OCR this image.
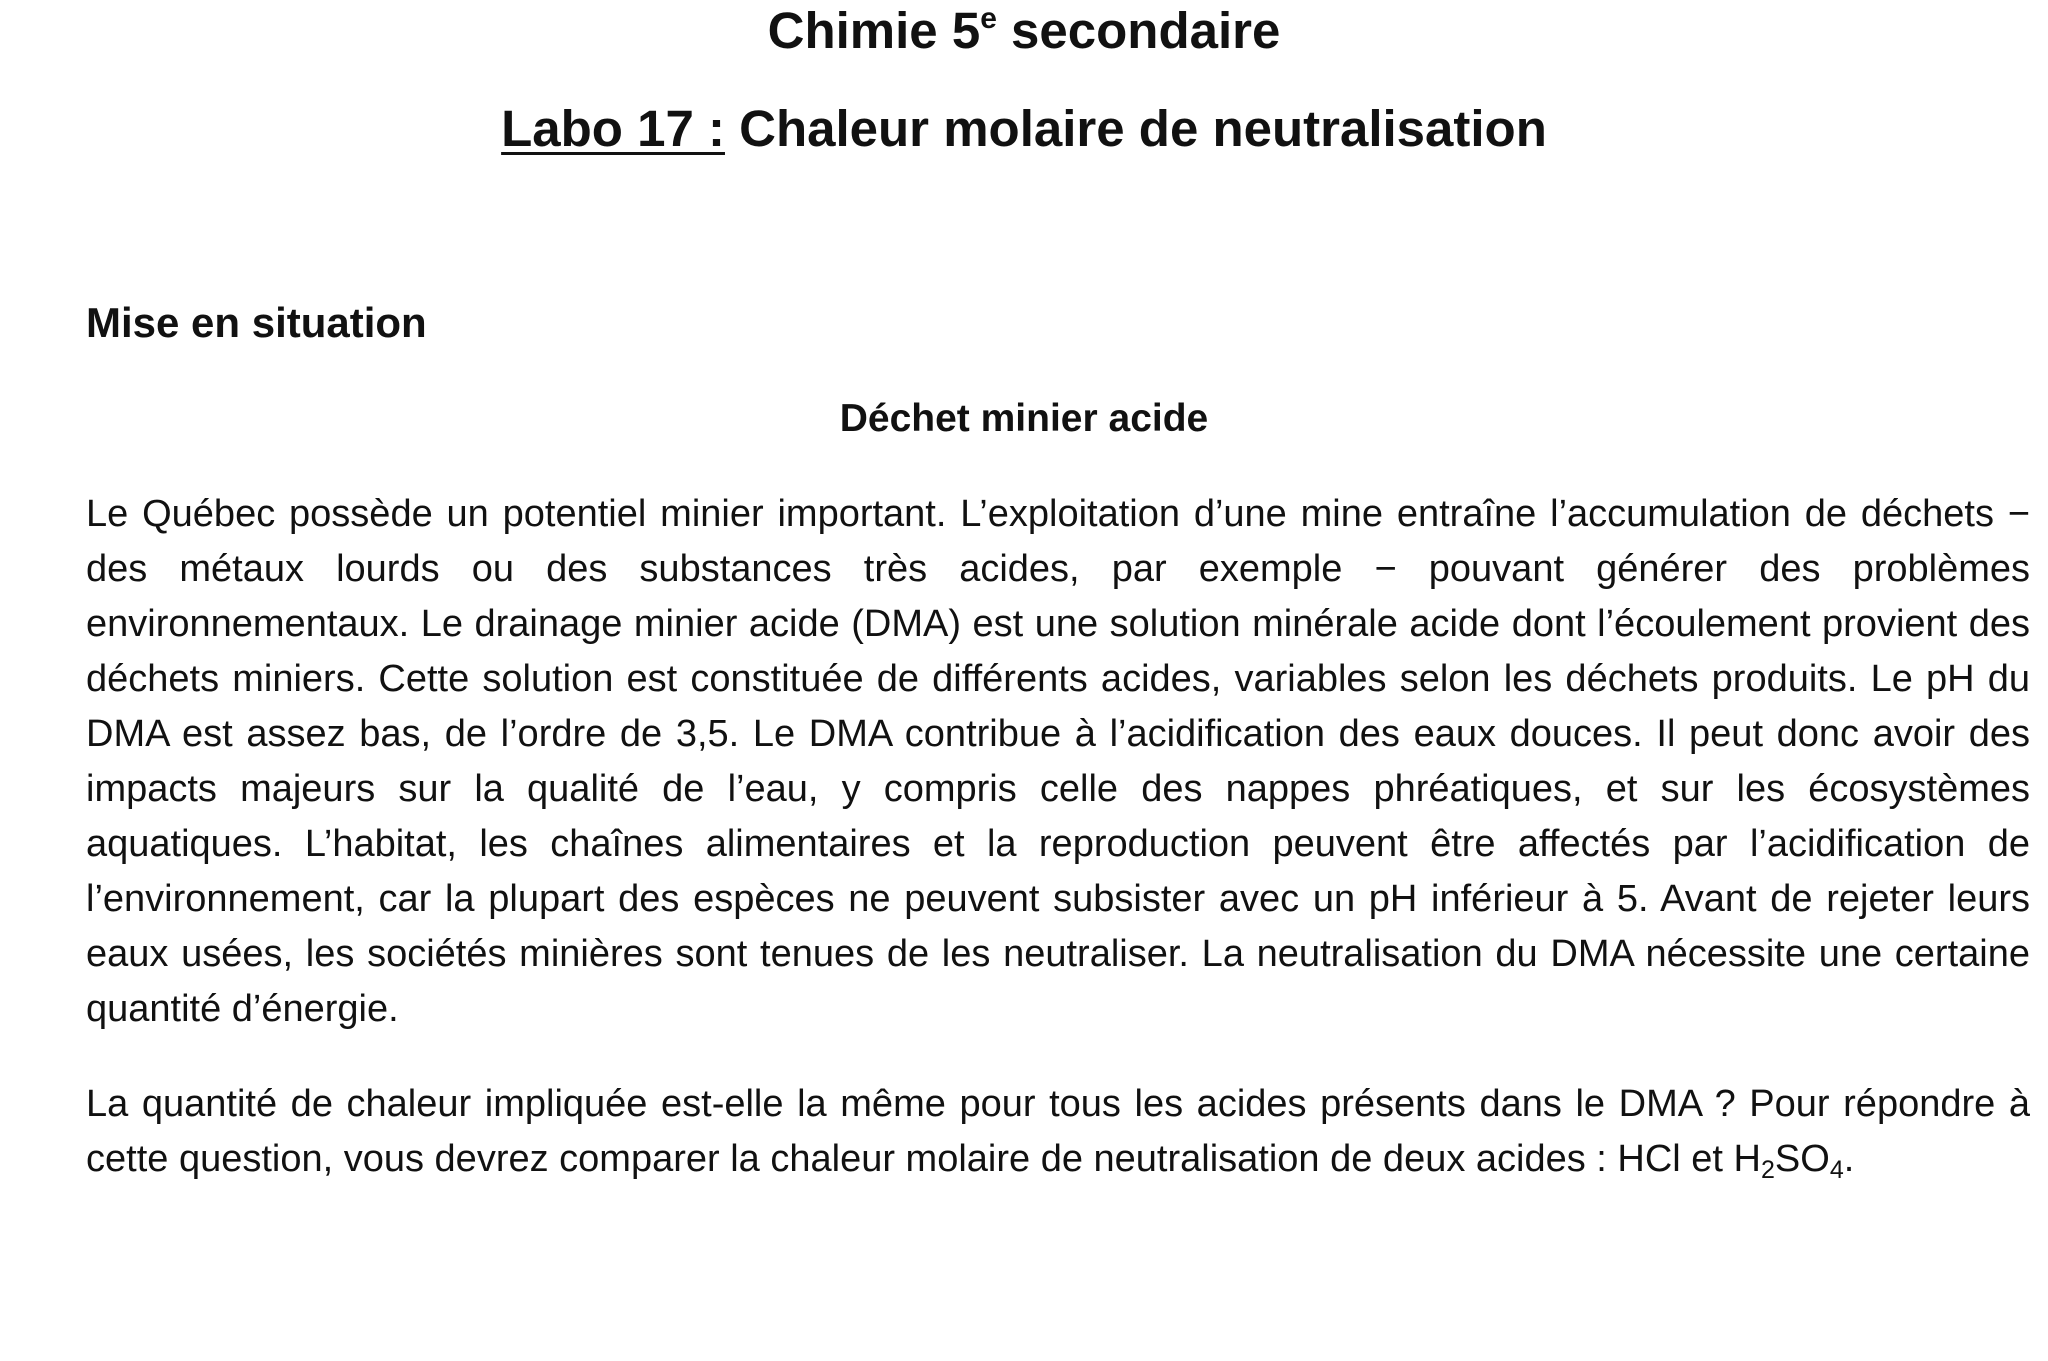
Chimie 5e secondaire
Labo 17 : Chaleur molaire de neutralisation
Mise en situation
Déchet minier acide

Le Québec possède un potentiel minier important. L’exploitation d’une mine entraîne l’accumulation de déchets − des métaux lourds ou des substances très acides, par exemple − pouvant générer des problèmes environnementaux. Le drainage minier acide (DMA) est une solution minérale acide dont l’écoulement provient des déchets miniers. Cette solution est constituée de différents acides, variables selon les déchets produits. Le pH du DMA est assez bas, de l’ordre de 3,5. Le DMA contribue à l’acidification des eaux douces. Il peut donc avoir des impacts majeurs sur la qualité de l’eau, y compris celle des nappes phréatiques, et sur les écosystèmes aquatiques. L’habitat, les chaînes alimentaires et la reproduction peuvent être affectés par l’acidification de l’environnement, car la plupart des espèces ne peuvent subsister avec un pH inférieur à 5. Avant de rejeter leurs eaux usées, les sociétés minières sont tenues de les neutraliser. La neutralisation du DMA nécessite une certaine quantité d’énergie.

La quantité de chaleur impliquée est-elle la même pour tous les acides présents dans le DMA ? Pour répondre à cette question, vous devrez comparer la chaleur molaire de neutralisation de deux acides : HCl et $H_2SO_4$.
